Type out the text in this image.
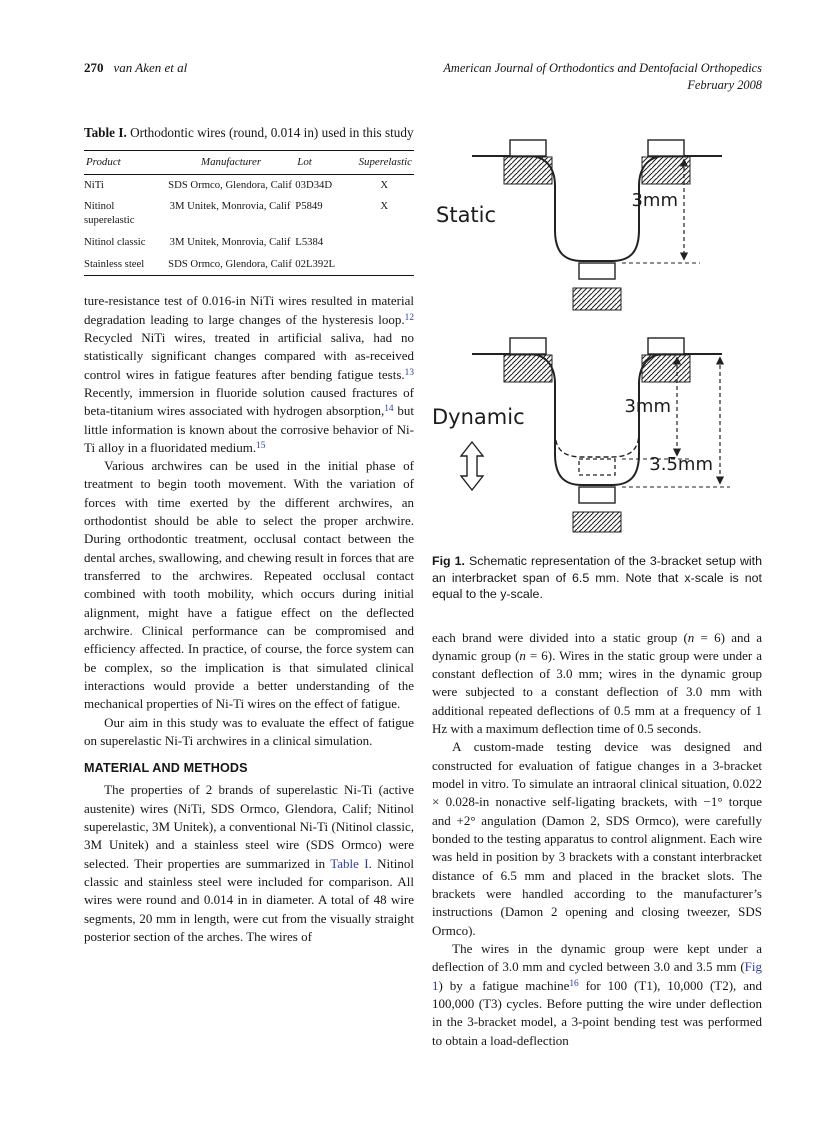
270 van Aken et al	American Journal of Orthodontics and Dentofacial Orthopedics
February 2008

Table I. Orthodontic wires (round, 0.014 in) used in this study

Product	Manufacturer	Lot	Superelastic
NiTi	SDS Ormco, Glendora, Calif	03D34D	X
Nitinol superelastic	3M Unitek, Monrovia, Calif	P5849	X
Nitinol classic	3M Unitek, Monrovia, Calif	L5384	
Stainless steel	SDS Ormco, Glendora, Calif	02L392L	

ture-resistance test of 0.016-in NiTi wires resulted in material degradation leading to large changes of the hysteresis loop.$^{12}$ Recycled NiTi wires, treated in artificial saliva, had no statistically significant changes compared with as-received control wires in fatigue features after bending fatigue tests.$^{13}$ Recently, immersion in fluoride solution caused fractures of beta-titanium wires associated with hydrogen absorption,$^{14}$ but little information is known about the corrosive behavior of Ni-Ti alloy in a fluoridated medium.$^{15}$

Various archwires can be used in the initial phase of treatment to begin tooth movement. With the variation of forces with time exerted by the different archwires, an orthodontist should be able to select the proper archwire. During orthodontic treatment, occlusal contact between the dental arches, swallowing, and chewing result in forces that are transferred to the archwires. Repeated occlusal contact combined with tooth mobility, which occurs during initial alignment, might have a fatigue effect on the deflected archwire. Clinical performance can be compromised and efficiency affected. In practice, of course, the force system can be complex, so the implication is that simulated clinical interactions would provide a better understanding of the mechanical properties of Ni-Ti wires on the effect of fatigue.

Our aim in this study was to evaluate the effect of fatigue on superelastic Ni-Ti archwires in a clinical simulation.

MATERIAL AND METHODS

The properties of 2 brands of superelastic Ni-Ti (active austenite) wires (NiTi, SDS Ormco, Glendora, Calif; Nitinol superelastic, 3M Unitek), a conventional Ni-Ti (Nitinol classic, 3M Unitek) and a stainless steel wire (SDS Ormco) were selected. Their properties are summarized in Table I. Nitinol classic and stainless steel were included for comparison. All wires were round and 0.014 in in diameter. A total of 48 wire segments, 20 mm in length, were cut from the visually straight posterior section of the arches. The wires of

3mm
Static
3mm
3.5mm
Dynamic

Fig 1. Schematic representation of the 3-bracket setup with an interbracket span of 6.5 mm. Note that x-scale is not equal to the y-scale.

each brand were divided into a static group (n = 6) and a dynamic group (n = 6). Wires in the static group were under a constant deflection of 3.0 mm; wires in the dynamic group were subjected to a constant deflection of 3.0 mm with additional repeated deflections of 0.5 mm at a frequency of 1 Hz with a maximum deflection time of 0.5 seconds.

A custom-made testing device was designed and constructed for evaluation of fatigue changes in a 3-bracket model in vitro. To simulate an intraoral clinical situation, 0.022 × 0.028-in nonactive self-ligating brackets, with −1° torque and +2° angulation (Damon 2, SDS Ormco), were carefully bonded to the testing apparatus to control alignment. Each wire was held in position by 3 brackets with a constant interbracket distance of 6.5 mm and placed in the bracket slots. The brackets were handled according to the manufacturer’s instructions (Damon 2 opening and closing tweezer, SDS Ormco).

The wires in the dynamic group were kept under a deflection of 3.0 mm and cycled between 3.0 and 3.5 mm (Fig 1) by a fatigue machine$^{16}$ for 100 (T1), 10,000 (T2), and 100,000 (T3) cycles. Before putting the wire under deflection in the 3-bracket model, a 3-point bending test was performed to obtain a load-deflection
